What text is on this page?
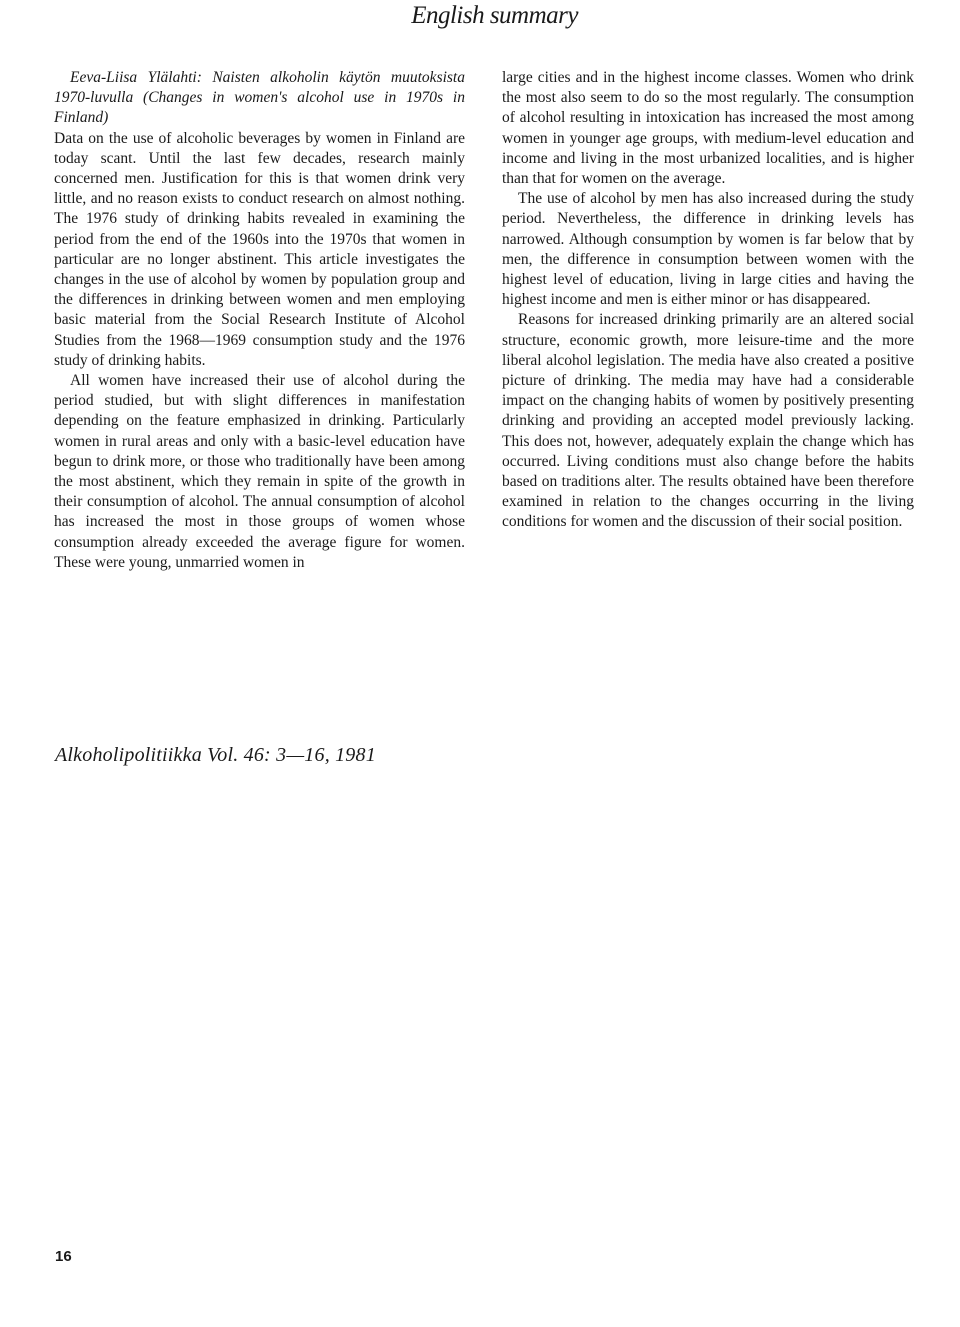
English summary

Eeva-Liisa Ylälahti: Naisten alkoholin käytön muutoksista 1970-luvulla (Changes in women's alcohol use in 1970s in Finland)

Data on the use of alcoholic beverages by women in Finland are today scant. Until the last few decades, research mainly concerned men. Justification for this is that women drink very little, and no reason exists to conduct research on almost nothing. The 1976 study of drinking habits revealed in examining the period from the end of the 1960s into the 1970s that women in particular are no longer abstinent. This article investigates the changes in the use of alcohol by women by population group and the differences in drinking between women and men employing basic material from the Social Research Institute of Alcohol Studies from the 1968—1969 consumption study and the 1976 study of drinking habits.

All women have increased their use of alcohol during the period studied, but with slight differences in manifestation depending on the feature emphasized in drinking. Particularly women in rural areas and only with a basic-level education have begun to drink more, or those who traditionally have been among the most abstinent, which they remain in spite of the growth in their consumption of alcohol. The annual consumption of alcohol has increased the most in those groups of women whose consumption already exceeded the average figure for women. These were young, unmarried women in

large cities and in the highest income classes. Women who drink the most also seem to do so the most regularly. The consumption of alcohol resulting in intoxication has increased the most among women in younger age groups, with medium-level education and income and living in the most urbanized localities, and is higher than that for women on the average.

The use of alcohol by men has also increased during the study period. Nevertheless, the difference in drinking levels has narrowed. Although consumption by women is far below that by men, the difference in consumption between women with the highest level of education, living in large cities and having the highest income and men is either minor or has disappeared.

Reasons for increased drinking primarily are an altered social structure, economic growth, more leisure-time and the more liberal alcohol legislation. The media have also created a positive picture of drinking. The media may have had a considerable impact on the changing habits of women by positively presenting drinking and providing an accepted model previously lacking. This does not, however, adequately explain the change which has occurred. Living conditions must also change before the habits based on traditions alter. The results obtained have been therefore examined in relation to the changes occurring in the living conditions for women and the discussion of their social position.

Alkoholipolitiikka Vol. 46: 3—16, 1981
16
